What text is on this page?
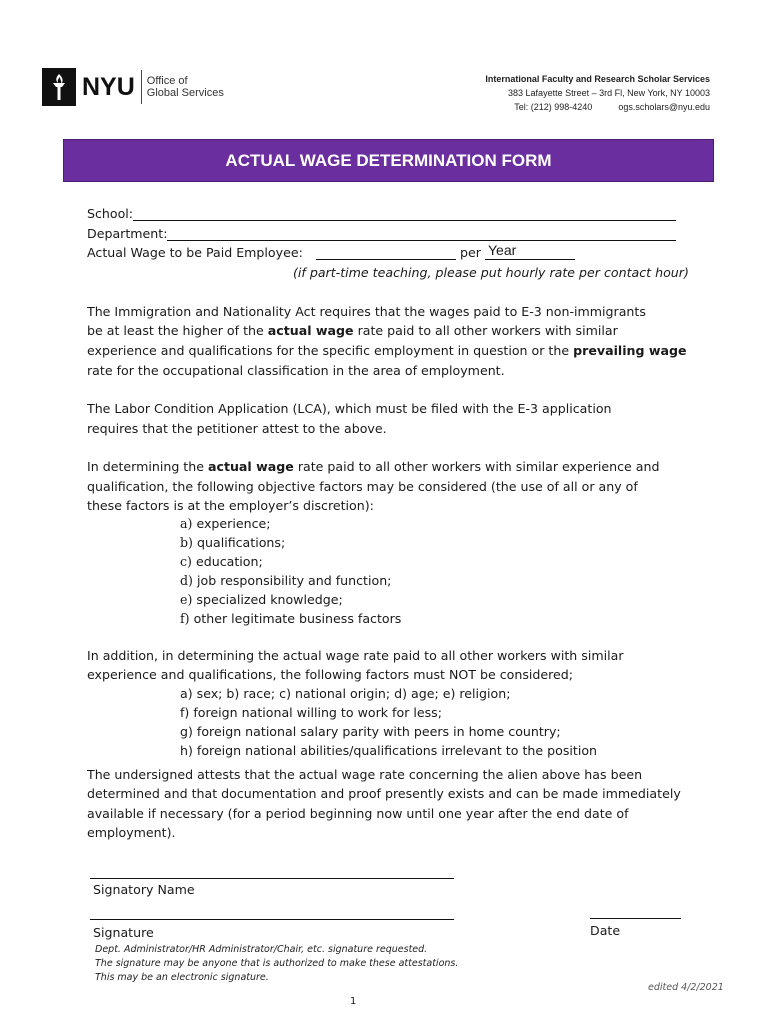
NYU Office of
Global Services
International Faculty and Research Scholar Services
383 Lafayette Street – 3rd Fl, New York, NY 10003
Tel: (212) 998-4240	ogs.scholars@nyu.edu
ACTUAL WAGE DETERMINATION FORM
School:
Department:
Actual Wage to be Paid Employee:	per Year
(if part-time teaching, please put hourly rate per contact hour)
The Immigration and Nationality Act requires that the wages paid to E-3 non-immigrants
be at least the higher of the actual wage rate paid to all other workers with similar
experience and qualifications for the specific employment in question or the prevailing wage
rate for the occupational classification in the area of employment.
The Labor Condition Application (LCA), which must be filed with the E-3 application
requires that the petitioner attest to the above.
In determining the actual wage rate paid to all other workers with similar experience and
qualification, the following objective factors may be considered (the use of all or any of
these factors is at the employer’s discretion):
a) experience;
b) qualifications;
c) education;
d) job responsibility and function;
e) specialized knowledge;
f) other legitimate business factors
In addition, in determining the actual wage rate paid to all other workers with similar
experience and qualifications, the following factors must NOT be considered;
a) sex; b) race; c) national origin; d) age; e) religion;
f) foreign national willing to work for less;
g) foreign national salary parity with peers in home country;
h) foreign national abilities/qualifications irrelevant to the position
The undersigned attests that the actual wage rate concerning the alien above has been
determined and that documentation and proof presently exists and can be made immediately
available if necessary (for a period beginning now until one year after the end date of
employment).
Signatory Name
Signature	Date
Dept. Administrator/HR Administrator/Chair, etc. signature requested.
The signature may be anyone that is authorized to make these attestations.
This may be an electronic signature.
edited 4/2/2021
1
